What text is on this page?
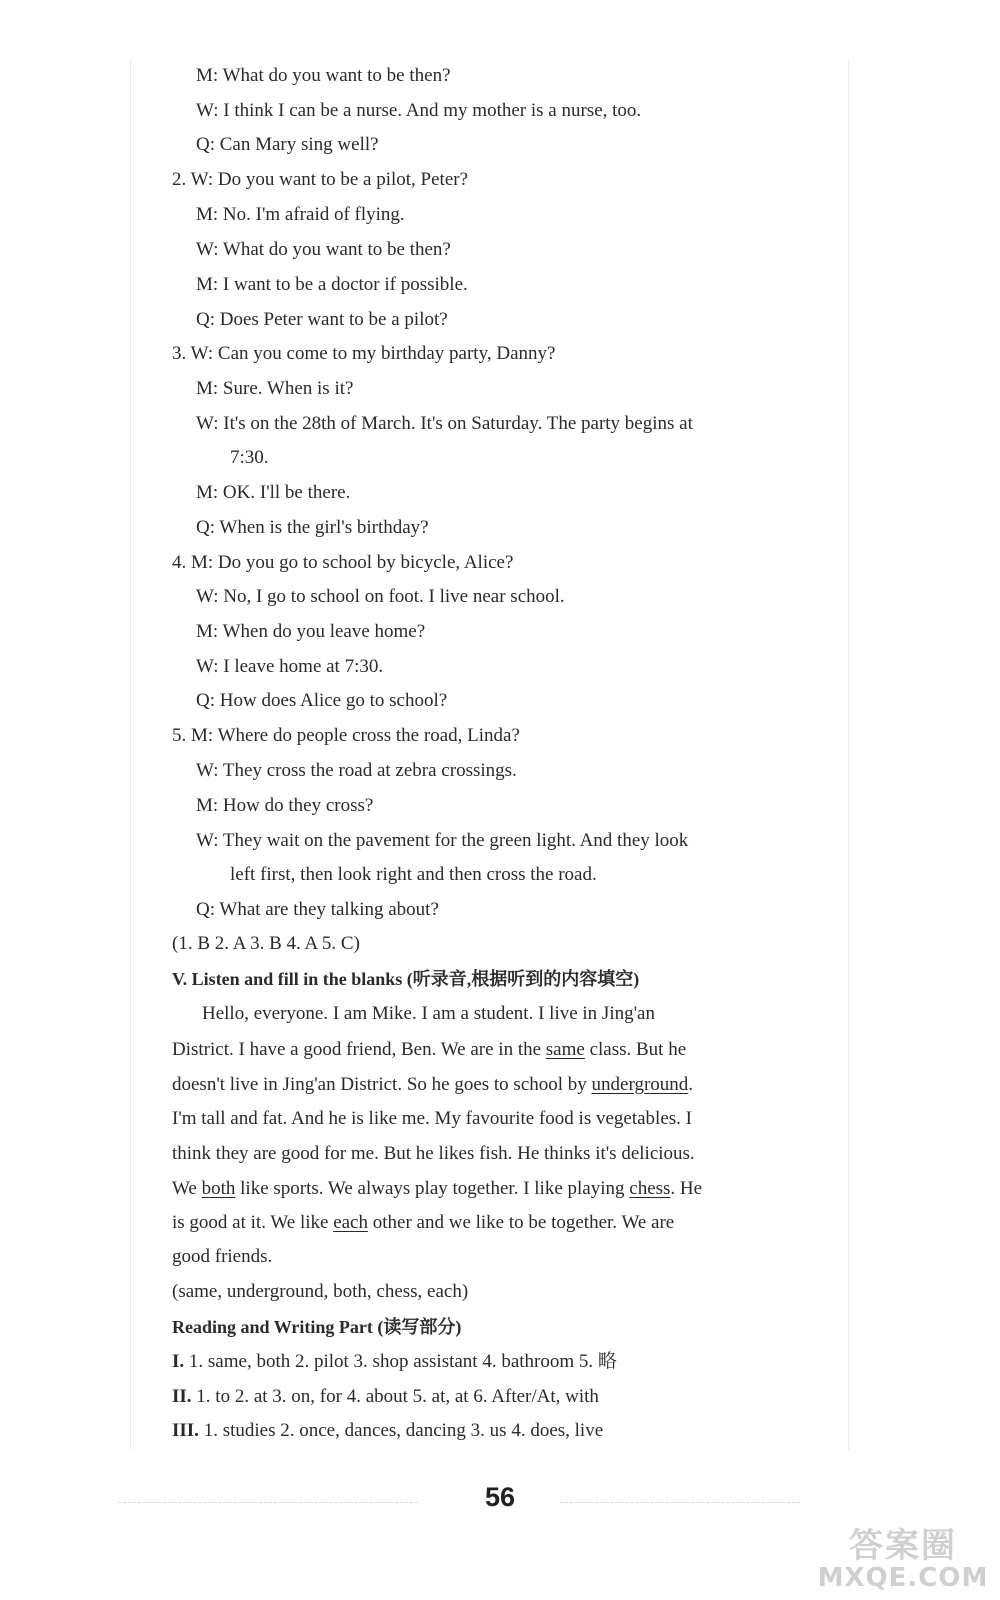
M: What do you want to be then?
W: I think I can be a nurse. And my mother is a nurse, too.
Q: Can Mary sing well?
2. W: Do you want to be a pilot, Peter?
M: No. I'm afraid of flying.
W: What do you want to be then?
M: I want to be a doctor if possible.
Q: Does Peter want to be a pilot?
3. W: Can you come to my birthday party, Danny?
M: Sure. When is it?
W: It's on the 28th of March. It's on Saturday. The party begins at
7:30.
M: OK. I'll be there.
Q: When is the girl's birthday?
4. M: Do you go to school by bicycle, Alice?
W: No, I go to school on foot. I live near school.
M: When do you leave home?
W: I leave home at 7:30.
Q: How does Alice go to school?
5. M: Where do people cross the road, Linda?
W: They cross the road at zebra crossings.
M: How do they cross?
W: They wait on the pavement for the green light. And they look
left first, then look right and then cross the road.
Q: What are they talking about?
(1. B 2. A 3. B 4. A 5. C)
V. Listen and fill in the blanks (听录音,根据听到的内容填空)
Hello, everyone. I am Mike. I am a student. I live in Jing'an
District. I have a good friend, Ben. We are in the same class. But he
doesn't live in Jing'an District. So he goes to school by underground.
I'm tall and fat. And he is like me. My favourite food is vegetables. I
think they are good for me. But he likes fish. He thinks it's delicious.
We both like sports. We always play together. I like playing chess. He
is good at it. We like each other and we like to be together. We are
good friends.
(same, underground, both, chess, each)
Reading and Writing Part (读写部分)
I. 1. same, both 2. pilot 3. shop assistant 4. bathroom 5. 略
II. 1. to 2. at 3. on, for 4. about 5. at, at 6. After/At, with
III. 1. studies 2. once, dances, dancing 3. us 4. does, live
56
答案圈
MXQE.COM
